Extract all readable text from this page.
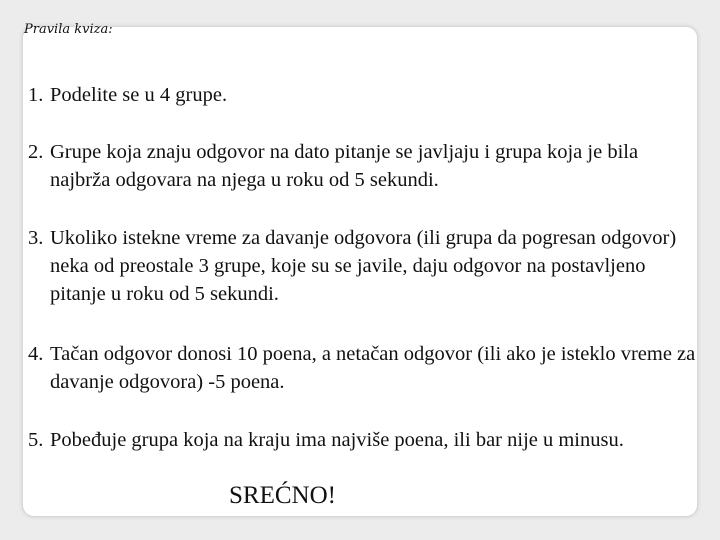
Pravila kviza:
1. Podelite se u 4 grupe.
2. Grupe koja znaju odgovor na dato pitanje se javljaju i grupa koja je bila najbrža odgovara na njega u roku od 5 sekundi.
3. Ukoliko istekne vreme za davanje odgovora (ili grupa da pogresan odgovor) neka od preostale 3 grupe, koje su se javile, daju odgovor na postavljeno pitanje u roku od 5 sekundi.
4. Tačan odgovor donosi 10 poena, a netačan odgovor (ili ako je isteklo vreme za davanje odgovora) -5 poena.
5. Pobeđuje grupa koja na kraju ima najviše poena, ili bar nije u minusu.
SREĆNO!
